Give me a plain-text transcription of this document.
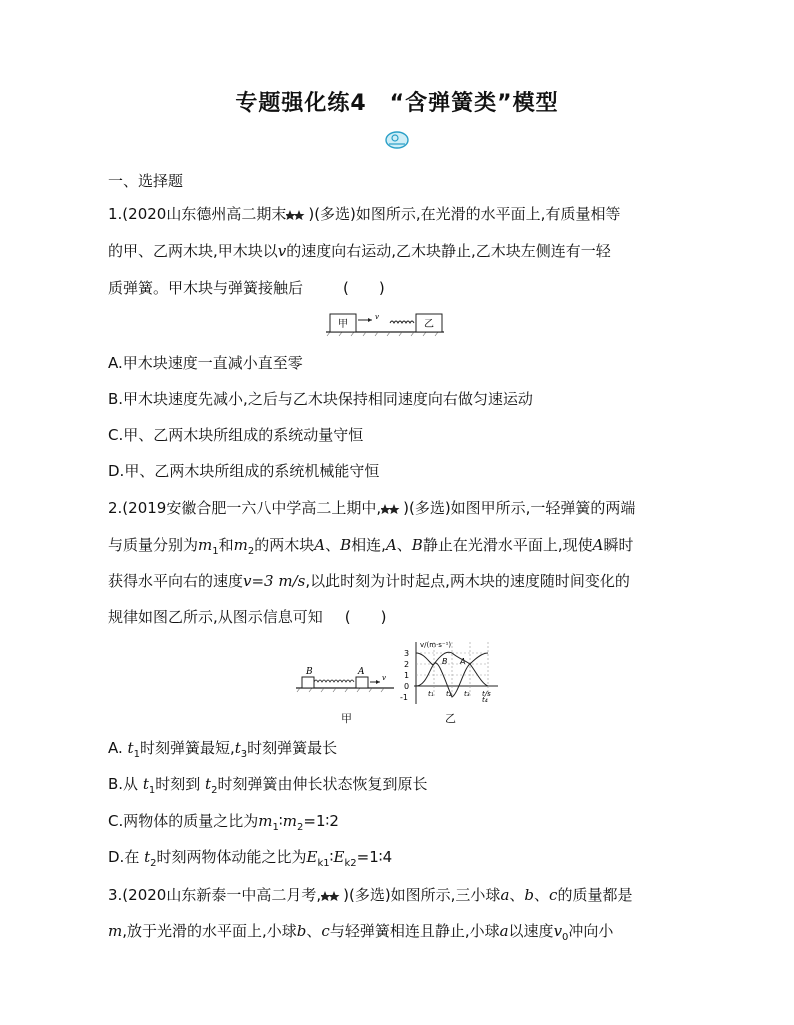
专题强化练4　“含弹簧类”模型
一、选择题
1.(2020山东德州高二期末 )(多选)如图所示,在光滑的水平面上,有质量相等
的甲、乙两木块,甲木块以v的速度向右运动,乙木块静止,乙木块左侧连有一轻
质弹簧。甲木块与弹簧接触后	(　　)
甲
v
乙
A.甲木块速度一直减小直至零
B.甲木块速度先减小,之后与乙木块保持相同速度向右做匀速运动
C.甲、乙两木块所组成的系统动量守恒
D.甲、乙两木块所组成的系统机械能守恒
2.(2019安徽合肥一六八中学高二上期中, )(多选)如图甲所示,一轻弹簧的两端
与质量分别为$m_1$和$m_2$的两木块A、B相连,A、B静止在光滑水平面上,现使A瞬时
获得水平向右的速度v=3 m/s,以此时刻为计时起点,两木块的速度随时间变化的
规律如图乙所示,从图示信息可知 (　　)
B	A
v
甲
v/(m·s⁻¹)
t/s
3
2
1
0
-1	t₁ t₂ t₃
t₄
B A
乙
A. $t_1$时刻弹簧最短$,t_3$时刻弹簧最长
B.从 $t_1$时刻到 $t_2$时刻弹簧由伸长状态恢复到原长
C.两物体的质量之比为$m_1∶m_2=1∶2$
D.在 $t_2$时刻两物体动能之比为$E_{k1}∶E_{k2}=1∶4$
3.(2020山东新泰一中高二月考, )(多选)如图所示,三小球a、b、c的质量都是
m,放于光滑的水平面上,小球b、c与轻弹簧相连且静止,小球a以速度$v_0$冲向小
